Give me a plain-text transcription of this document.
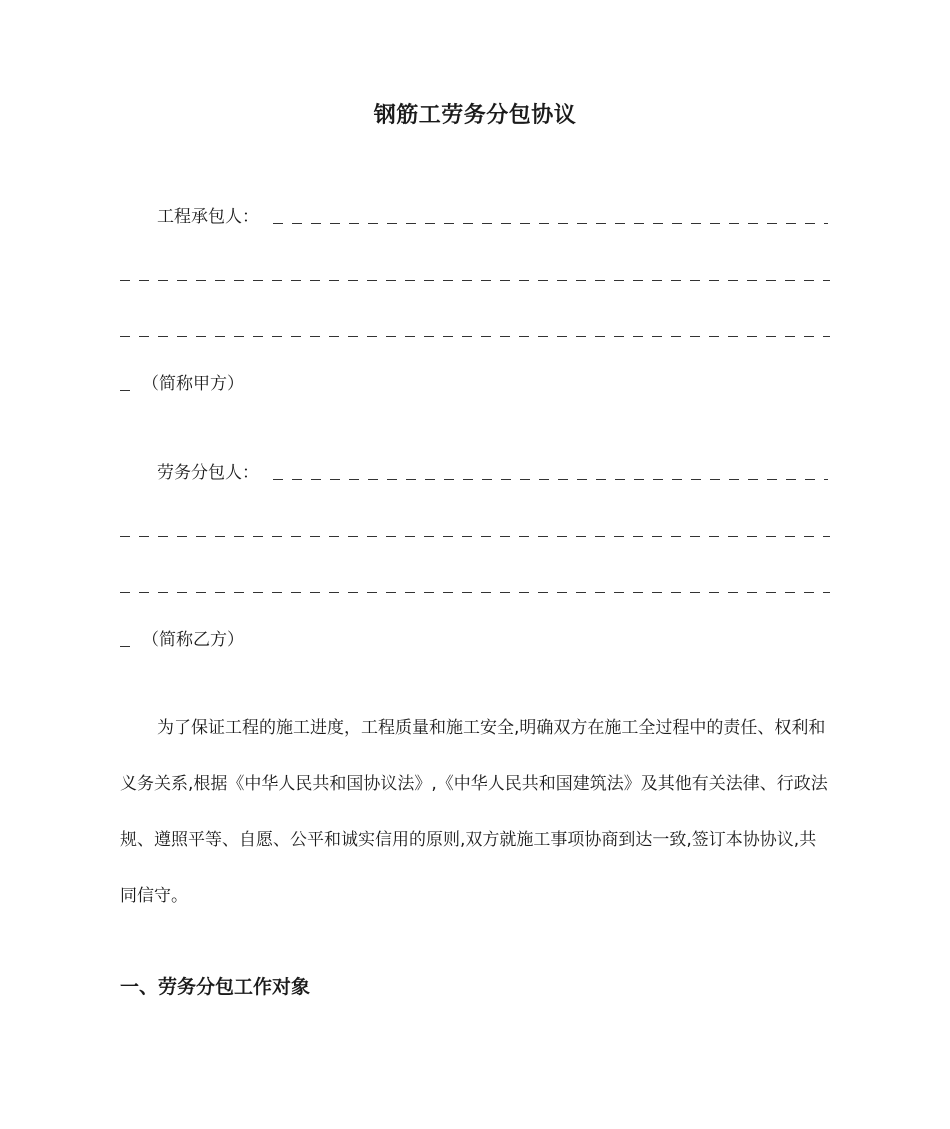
钢筋工劳务分包协议
工程承包人：
（简称甲方）
劳务分包人：
（简称乙方）

为了保证工程的施工进度，工程质量和施工安全,明确双方在施工全过程中的责任、权利和义务关系,根据《中华人民共和国协议法》,《中华人民共和国建筑法》及其他有关法律、行政法规、遵照平等、自愿、公平和诚实信用的原则,双方就施工事项协商到达一致,签订本协协议,共同信守。

一、劳务分包工作对象
